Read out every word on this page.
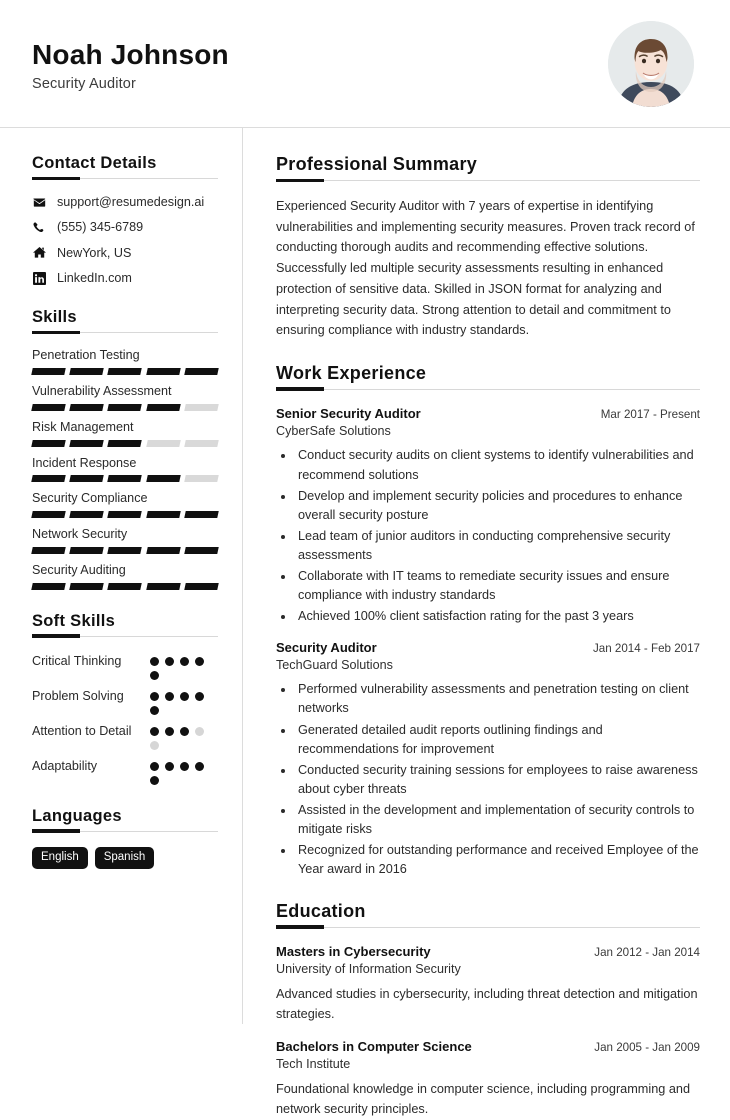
Noah Johnson

Security Auditor

Contact Details
support@resumedesign.ai
(555) 345-6789
NewYork, US
LinkedIn.com
Skills
Penetration Testing
Vulnerability Assessment
Risk Management
Incident Response
Security Compliance
Network Security
Security Auditing
Soft Skills
Critical Thinking
Problem Solving
Attention to Detail
Adaptability
Languages
English	Spanish
Professional Summary

Experienced Security Auditor with 7 years of expertise in identifying vulnerabilities and implementing security measures. Proven track record of conducting thorough audits and recommending effective solutions. Successfully led multiple security assessments resulting in enhanced protection of sensitive data. Skilled in JSON format for analyzing and interpreting security data. Strong attention to detail and commitment to ensuring compliance with industry standards.

Work Experience
Senior Security Auditor	Mar 2017 - Present
CyberSafe Solutions
• Conduct security audits on client systems to identify vulnerabilities and recommend solutions
• Develop and implement security policies and procedures to enhance overall security posture
• Lead team of junior auditors in conducting comprehensive security assessments
• Collaborate with IT teams to remediate security issues and ensure compliance with industry standards
• Achieved 100% client satisfaction rating for the past 3 years
Security Auditor	Jan 2014 - Feb 2017
TechGuard Solutions
• Performed vulnerability assessments and penetration testing on client networks
• Generated detailed audit reports outlining findings and recommendations for improvement
• Conducted security training sessions for employees to raise awareness about cyber threats
• Assisted in the development and implementation of security controls to mitigate risks
• Recognized for outstanding performance and received Employee of the Year award in 2016
Education
Masters in Cybersecurity	Jan 2012 - Jan 2014
University of Information Security

Advanced studies in cybersecurity, including threat detection and mitigation strategies.

Bachelors in Computer Science	Jan 2005 - Jan 2009
Tech Institute

Foundational knowledge in computer science, including programming and network security principles.
